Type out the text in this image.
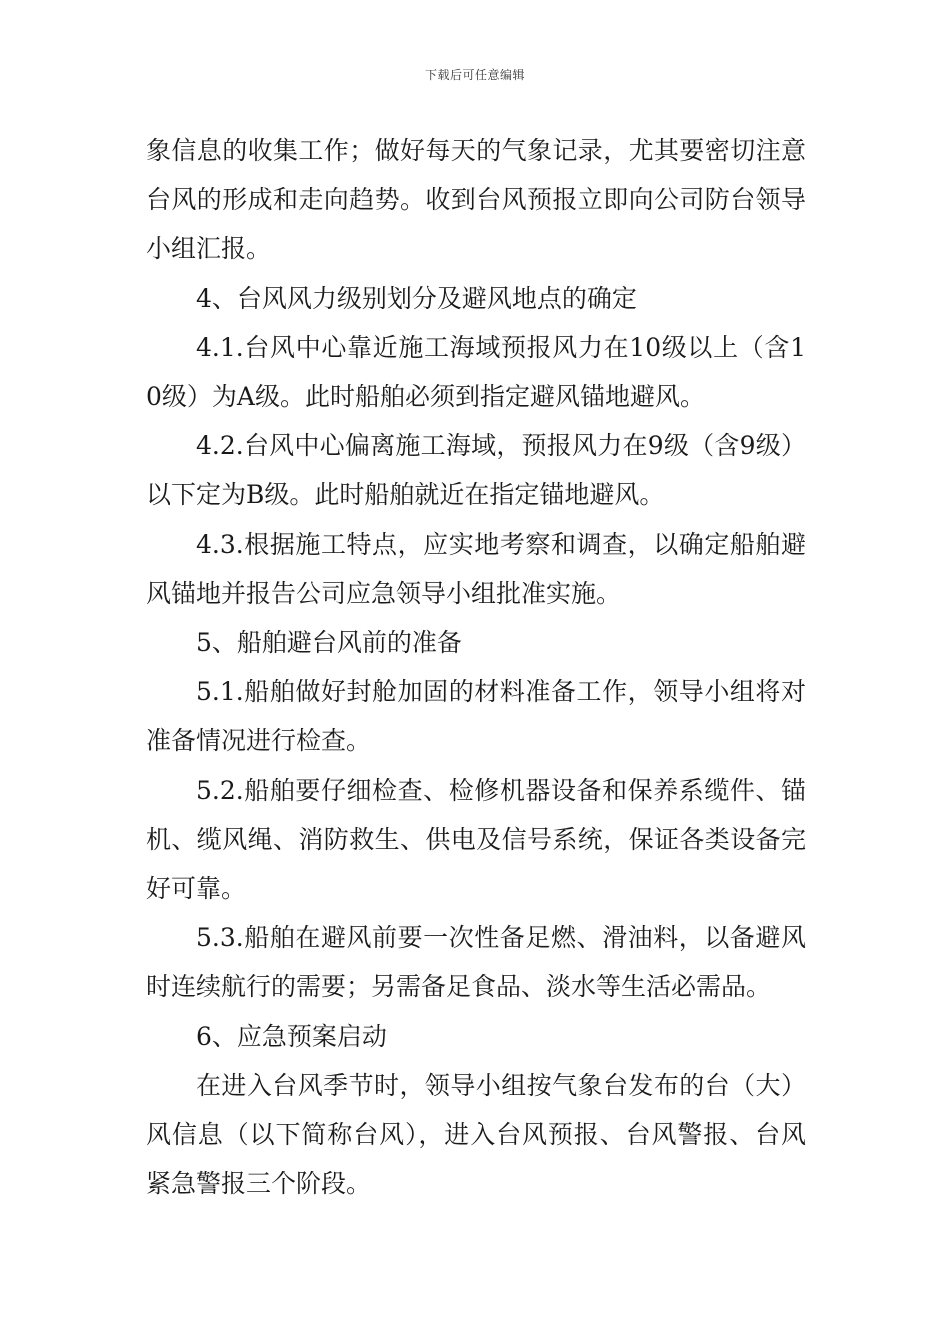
下载后可任意编辑

象信息的收集工作；做好每天的气象记录，尤其要密切注意台风的形成和走向趋势。收到台风预报立即向公司防台领导小组汇报。

4、台风风力级别划分及避风地点的确定

4.1.台风中心靠近施工海域预报风力在10级以上（含10级）为A级。此时船舶必须到指定避风锚地避风。

4.2.台风中心偏离施工海域，预报风力在9级（含9级）以下定为B级。此时船舶就近在指定锚地避风。

4.3.根据施工特点，应实地考察和调查，以确定船舶避风锚地并报告公司应急领导小组批准实施。

5、船舶避台风前的准备

5.1.船舶做好封舱加固的材料准备工作，领导小组将对准备情况进行检查。

5.2.船舶要仔细检查、检修机器设备和保养系缆件、锚机、缆风绳、消防救生、供电及信号系统，保证各类设备完好可靠。

5.3.船舶在避风前要一次性备足燃、滑油料，以备避风时连续航行的需要；另需备足食品、淡水等生活必需品。

6、应急预案启动

在进入台风季节时，领导小组按气象台发布的台（大）风信息（以下简称台风），进入台风预报、台风警报、台风紧急警报三个阶段。
